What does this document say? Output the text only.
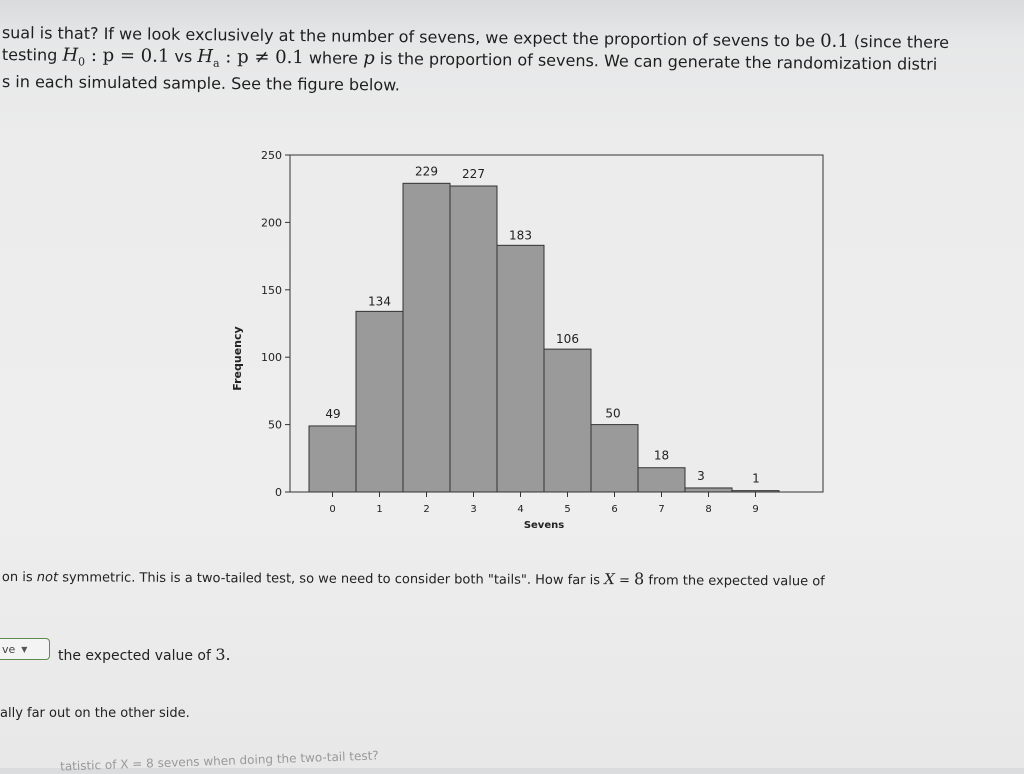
sual is that? If we look exclusively at the number of sevens, we expect the proportion of sevens to be 0.1 (since there
testing $H_0$ : p = 0.1 vs $H_a$ : p ≠ 0.1 where p is the proportion of sevens. We can generate the randomization distri
s in each simulated sample. See the figure below.
0
50
100
150
200
250
49
0
134
1
229
2
227
3
183
4
106
5
50
6
18
7
3
8
1
9
Sevens
Frequency
on is not symmetric. This is a two-tailed test, so we need to consider both "tails". How far is X = 8 from the expected value of
ve ▼ the expected value of 3.
ally far out on the other side.
tatistic of X = 8 sevens when doing the two-tail test?
